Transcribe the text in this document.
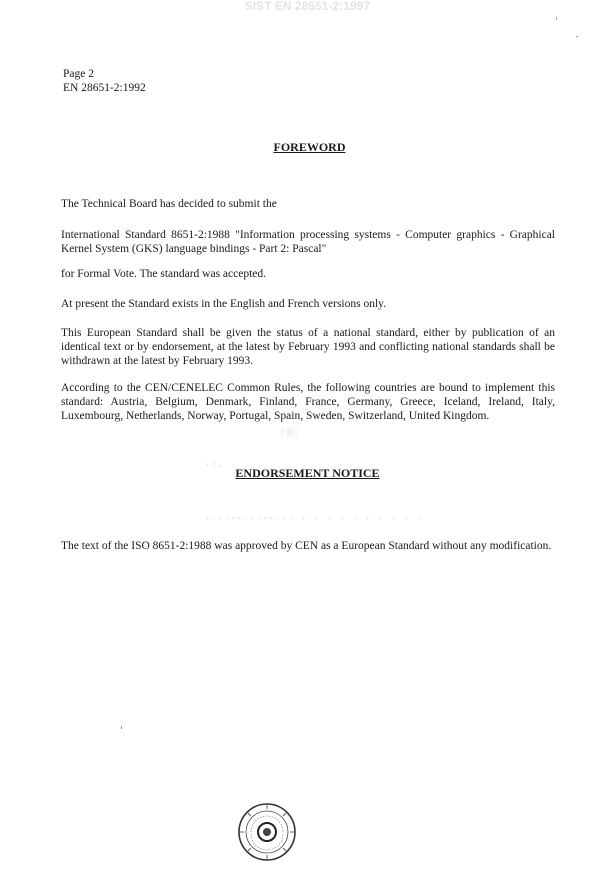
SIST EN 28651-2:1997
Page 2
EN 28651-2:1992
FOREWORD
The Technical Board has decided to submit the
International Standard 8651-2:1988 "Information processing systems - Computer graphics - Graphical Kernel System (GKS) language bindings - Part 2: Pascal"
for Formal Vote. The standard was accepted.
At present the Standard exists in the English and French versions only.
This European Standard shall be given the status of a national standard, either by publication of an identical text or by endorsement, at the latest by February 1993 and conflicting national standards shall be withdrawn at the latest by February 1993.
According to the CEN/CENELEC Common Rules, the following countries are bound to implement this standard: Austria, Belgium, Denmark, Finland, France, Germany, Greece, Iceland, Ireland, Italy, Luxembourg, Netherlands, Norway, Portugal, Spain, Sweden, Switzerland, United Kingdom.
░▒░
·:.
.............. . . . . . . . . . .
ENDORSEMENT NOTICE
The text of the ISO 8651-2:1988 was approved by CEN as a European Standard without any modification.
